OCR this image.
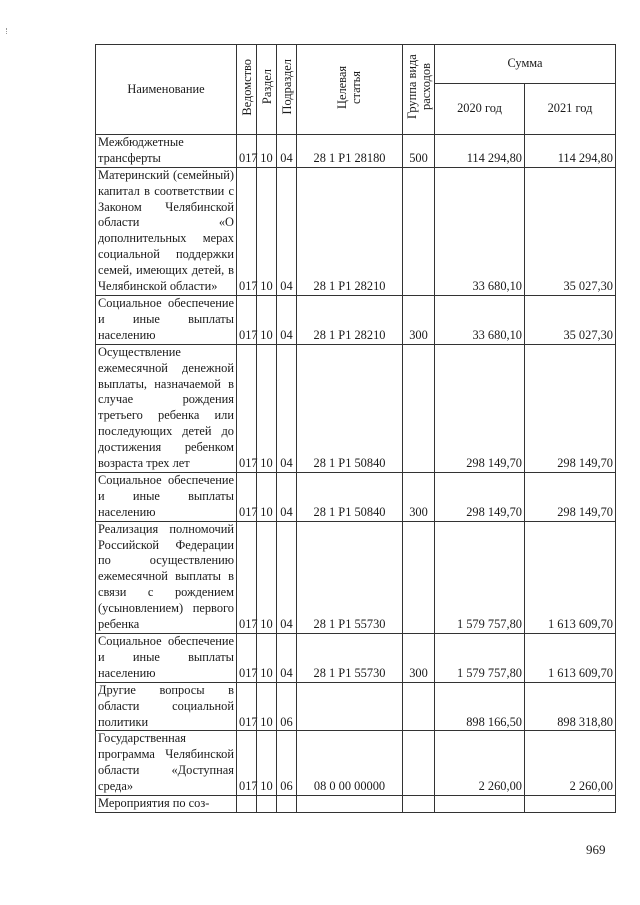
Наименование	Ведомство	Раздел	Подраздел	Целевая статья	Группа вида расходов	Сумма	
						2020 год	2021 год
Межбюджетные трансферты	017	10	04	28 1 P1 28180	500	114 294,80	114 294,80
Материнский (семейный) капитал в соответствии с Законом Челябинской области «О дополнительных мерах социальной поддержки семей, имеющих детей, в Челябинской области»	017	10	04	28 1 P1 28210		33 680,10	35 027,30
Социальное обеспечение и иные выплаты населению	017	10	04	28 1 P1 28210	300	33 680,10	35 027,30
Осуществление ежемесячной денежной выплаты, назначаемой в случае рождения третьего ребенка или последующих детей до достижения ребенком возраста трех лет	017	10	04	28 1 P1 50840		298 149,70	298 149,70
Социальное обеспечение и иные выплаты населению	017	10	04	28 1 P1 50840	300	298 149,70	298 149,70
Реализация полномочий Российской Федерации по осуществлению ежемесячной выплаты в связи с рождением (усыновлением) первого ребенка	017	10	04	28 1 P1 55730		1 579 757,80	1 613 609,70
Социальное обеспечение и иные выплаты населению	017	10	04	28 1 P1 55730	300	1 579 757,80	1 613 609,70
Другие вопросы в области социальной политики	017	10	06			898 166,50	898 318,80
Государственная программа Челябинской области «Доступная среда»	017	10	06	08 0 00 00000		2 260,00	2 260,00
Мероприятия по соз-							
969
